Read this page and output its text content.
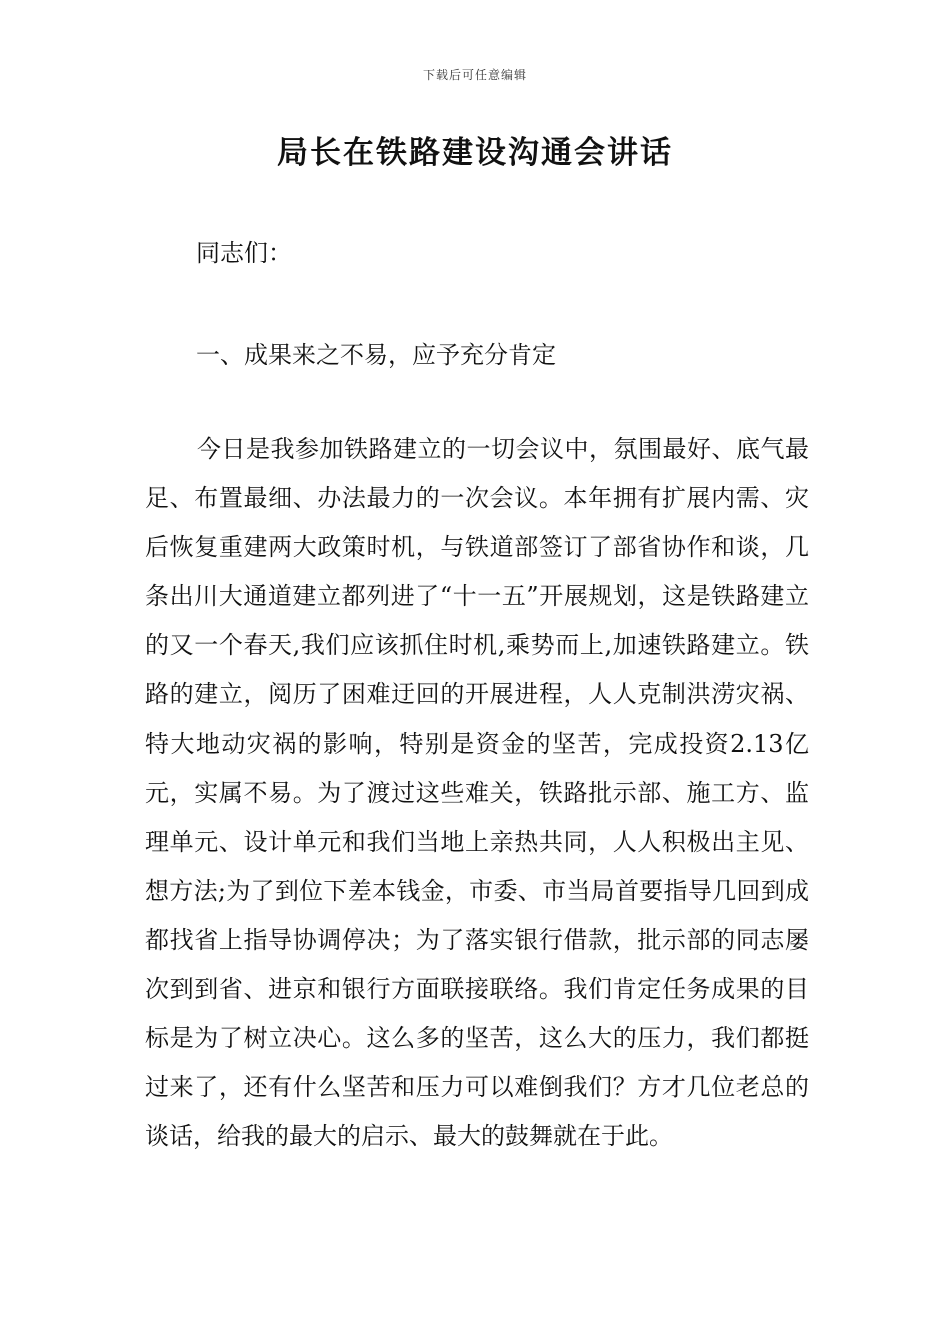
下载后可任意编辑
局长在铁路建设沟通会讲话
同志们：
一、成果来之不易，应予充分肯定

今日是我参加铁路建立的一切会议中，氛围最好、底气最足、布置最细、办法最力的一次会议。本年拥有扩展内需、灾后恢复重建两大政策时机，与铁道部签订了部省协作和谈，几条出川大通道建立都列进了“十一五”开展规划，这是铁路建立的又一个春天,我们应该抓住时机,乘势而上,加速铁路建立。铁路的建立，阅历了困难迂回的开展进程，人人克制洪涝灾祸、特大地动灾祸的影响，特别是资金的坚苦，完成投资2.13亿元，实属不易。为了渡过这些难关，铁路批示部、施工方、监理单元、设计单元和我们当地上亲热共同，人人积极出主见、想方法;为了到位下差本钱金，市委、市当局首要指导几回到成都找省上指导协调停决；为了落实银行借款，批示部的同志屡次到到省、进京和银行方面联接联络。我们肯定任务成果的目标是为了树立决心。这么多的坚苦，这么大的压力，我们都挺过来了，还有什么坚苦和压力可以难倒我们？方才几位老总的谈话，给我的最大的启示、最大的鼓舞就在于此。
